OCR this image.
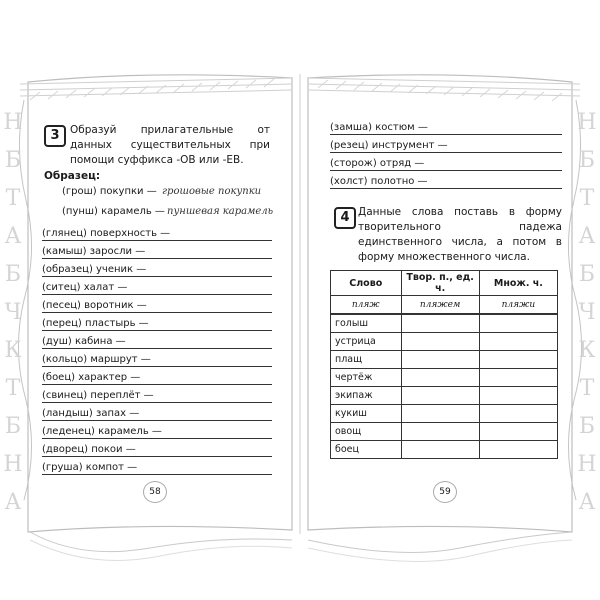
Н
Б
Т
А
Б
Ч
К
Т
Б
Н
А
Н
Б
Т
А
Б
Ч
К
Т
Б
Н
А
3 Образуй прилагательные от данных существительных при помощи суффикса -ОВ или -ЕВ.
Образец:
(грош) покупки — грошовые покупки
(пунш) карамель — пуншевая карамель
(глянец) поверхность —
(камыш) заросли —
(образец) ученик —
(ситец) халат —
(песец) воротник —
(перец) пластырь —
(душ) кабина —
(кольцо) маршрут —
(боец) характер —
(свинец) переплёт —
(ландыш) запах —
(леденец) карамель —
(дворец) покои —
(груша) компот —
58
(замша) костюм —
(резец) инструмент —
(сторож) отряд —
(холст) полотно —
4 Данные слова поставь в форму творительного падежа единственного числа, а потом в форму множественного числа.
Слово	Твор. п., ед. ч.	Множ. ч.
пляж	пляжем	пляжи
голыш		
устрица		
плащ		
чертёж		
экипаж		
кукиш		
овощ		
боец		
59
